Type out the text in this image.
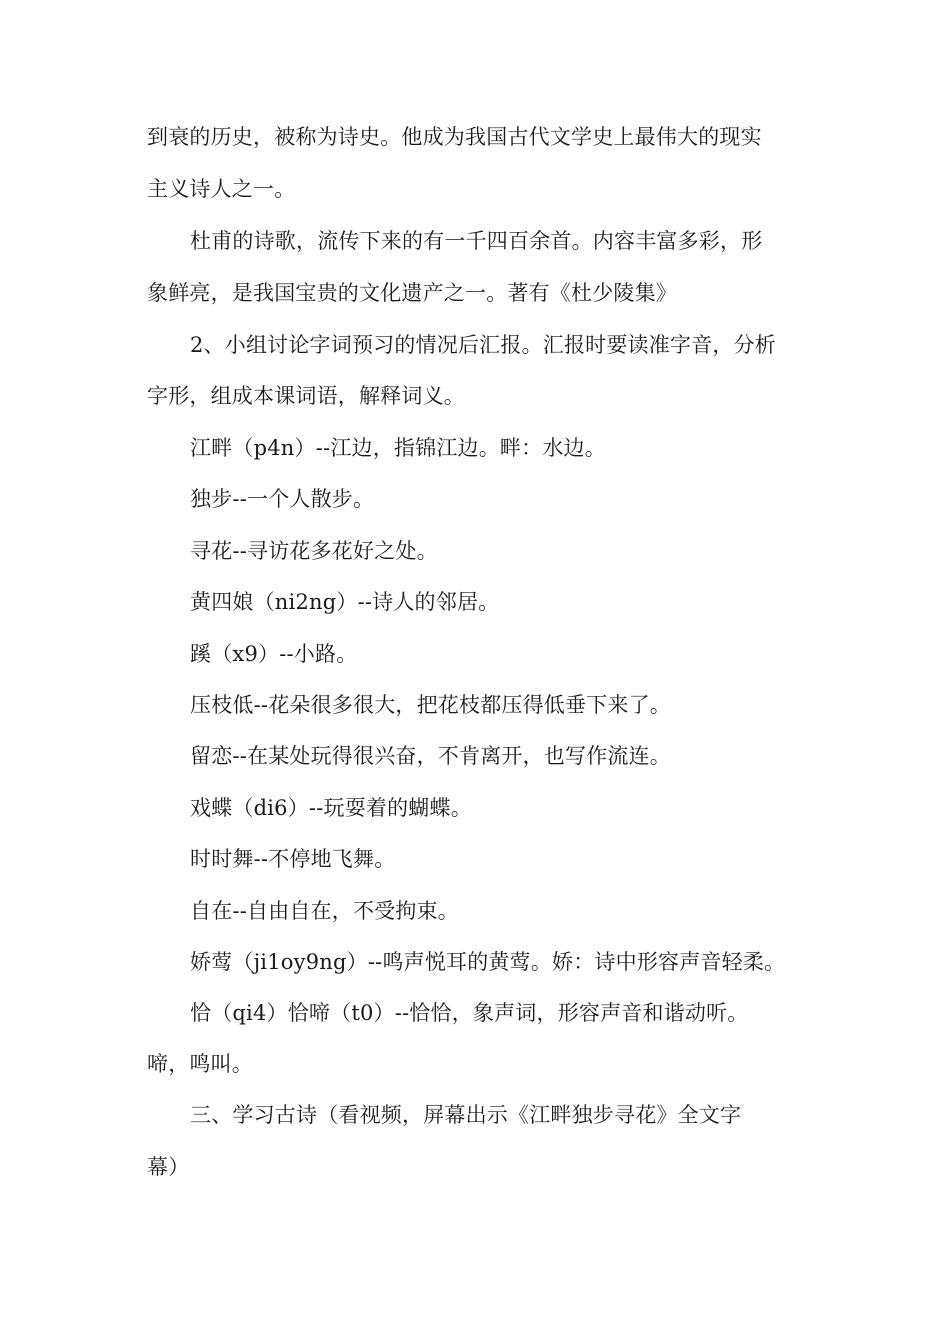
到衰的历史，被称为诗史。他成为我国古代文学史上最伟大的现实
主义诗人之一。
杜甫的诗歌，流传下来的有一千四百余首。内容丰富多彩，形
象鲜亮，是我国宝贵的文化遗产之一。著有《杜少陵集》
2、小组讨论字词预习的情况后汇报。汇报时要读准字音，分析
字形，组成本课词语，解释词义。
江畔（p4n）--江边，指锦江边。畔：水边。
独步--一个人散步。
寻花--寻访花多花好之处。
黄四娘（ni2ng）--诗人的邻居。
蹊（x9）--小路。
压枝低--花朵很多很大，把花枝都压得低垂下来了。
留恋--在某处玩得很兴奋，不肯离开，也写作流连。
戏蝶（di6）--玩耍着的蝴蝶。
时时舞--不停地飞舞。
自在--自由自在，不受拘束。
娇莺（ji1oy9ng）--鸣声悦耳的黄莺。娇：诗中形容声音轻柔。
恰（qi4）恰啼（t0）--恰恰，象声词，形容声音和谐动听。
啼，鸣叫。
三、学习古诗（看视频，屏幕出示《江畔独步寻花》全文字
幕）
